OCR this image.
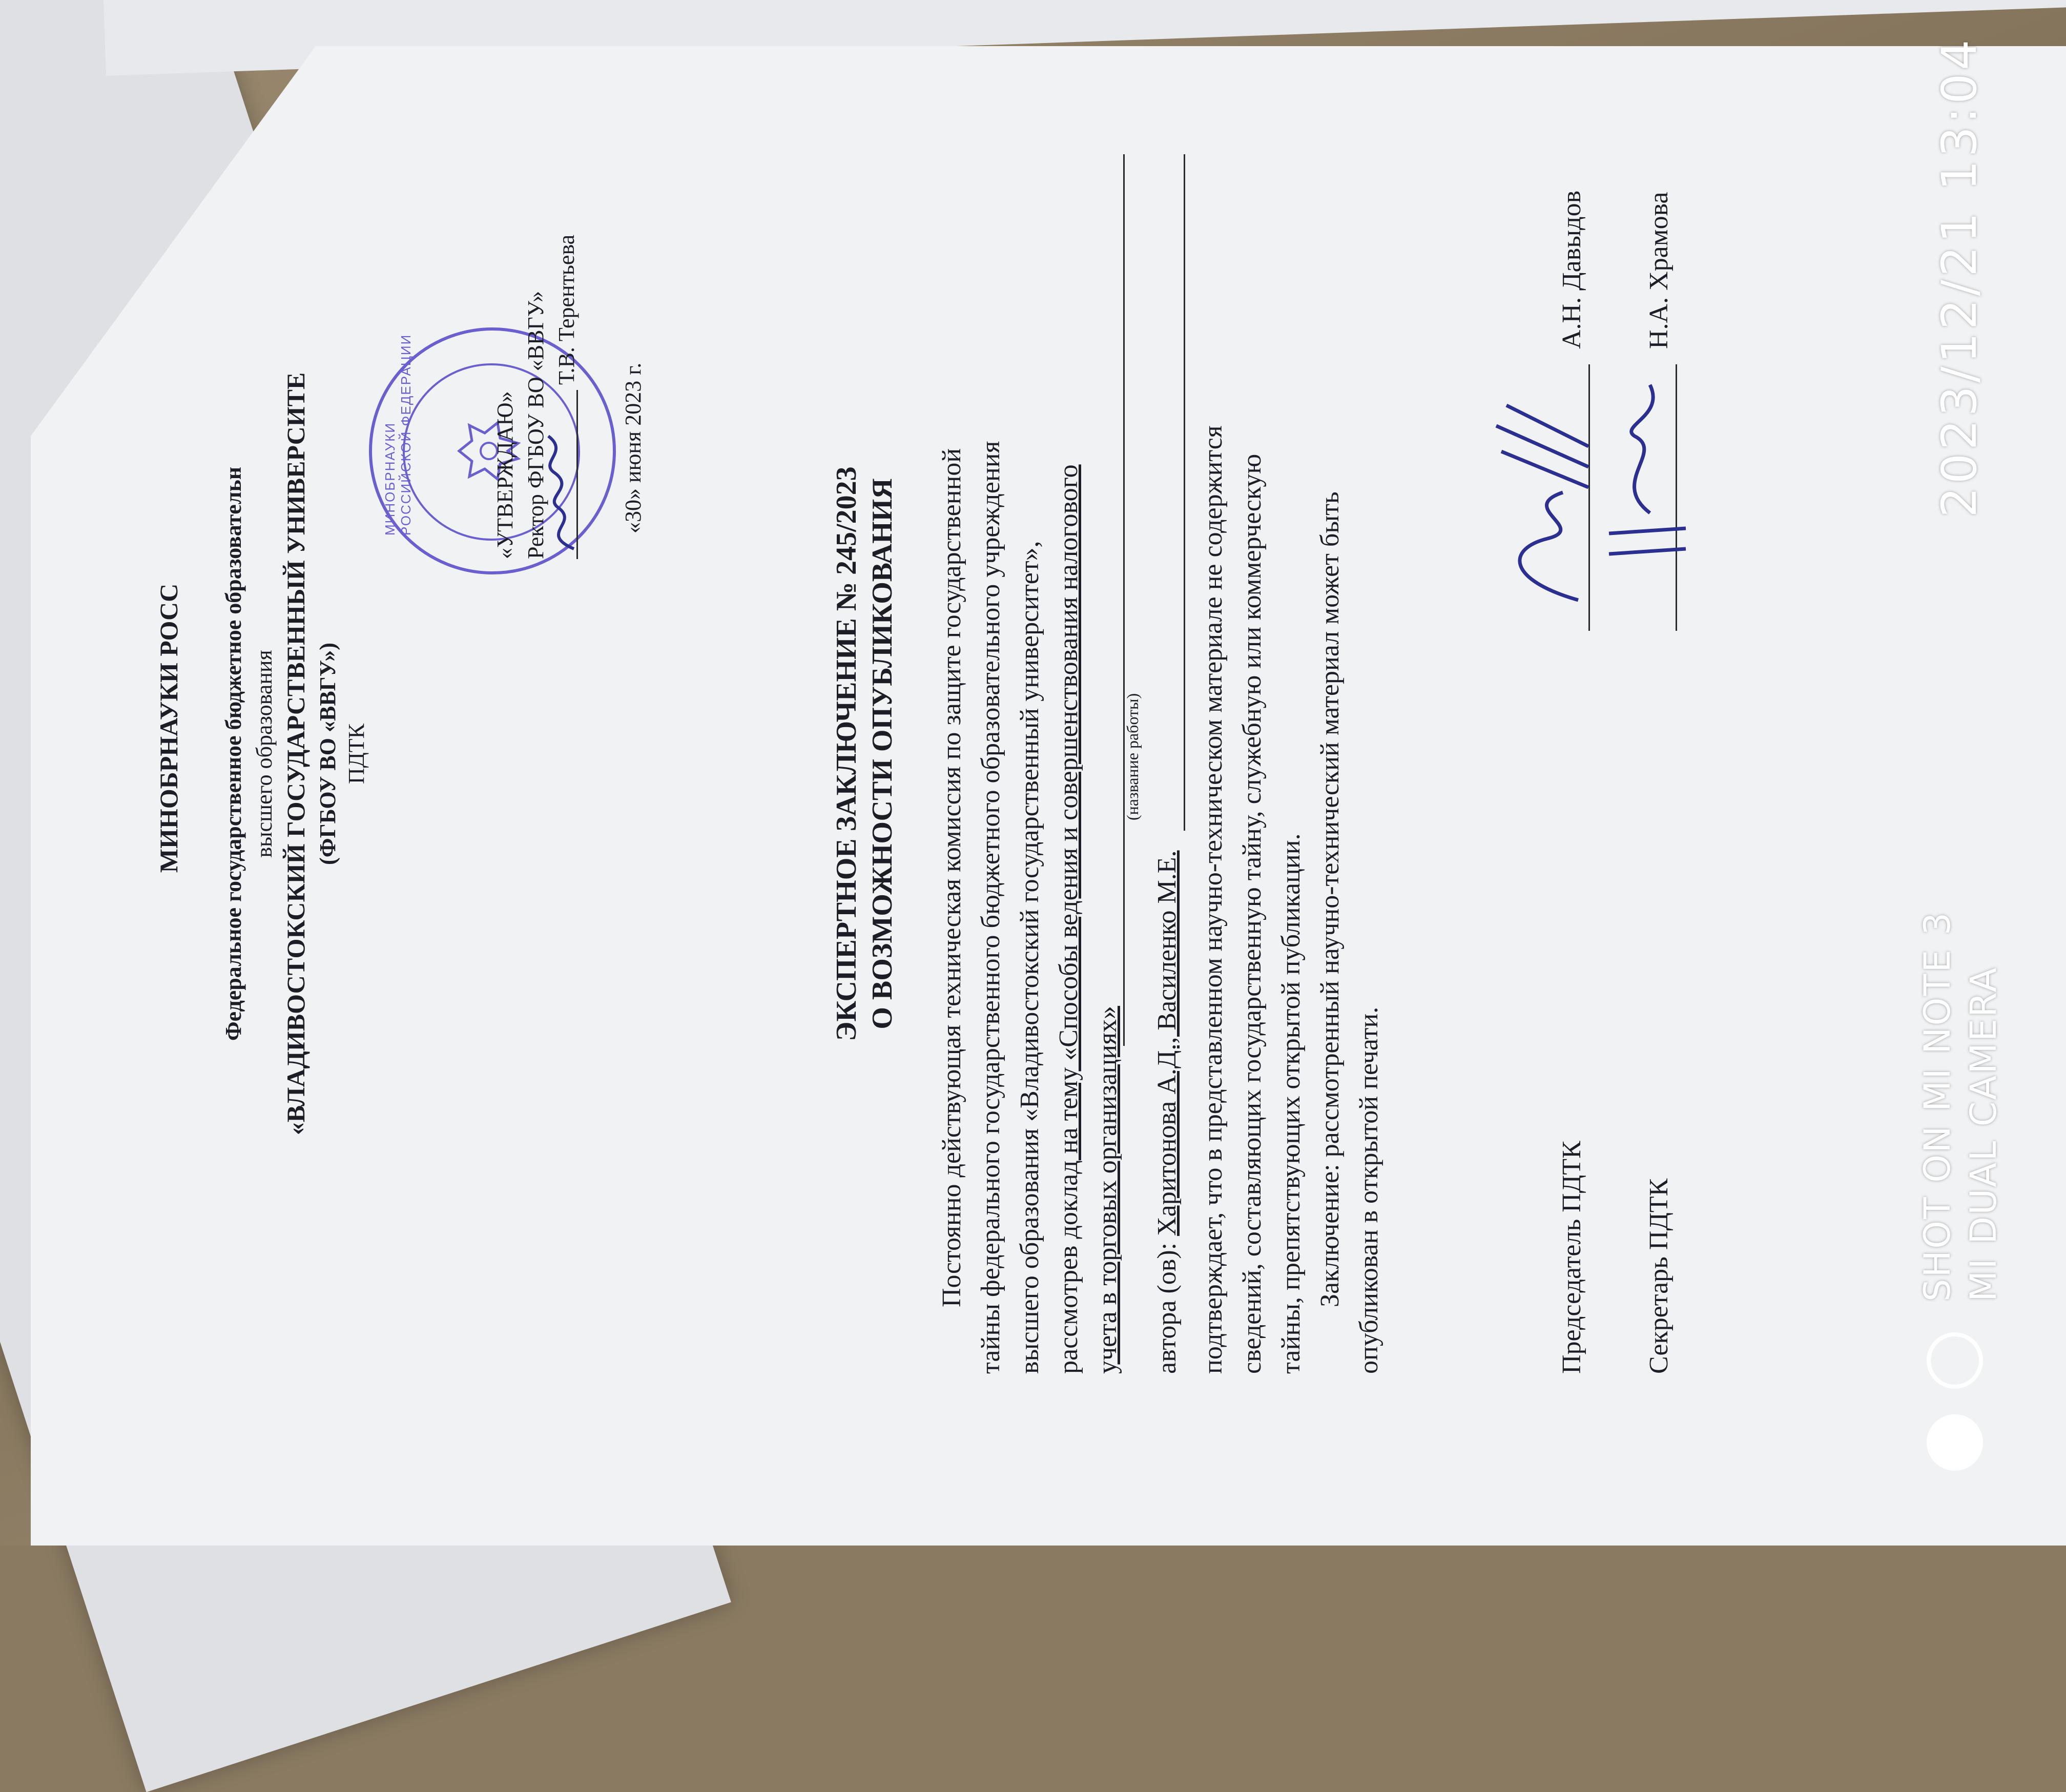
МИНОБРНАУКИ РОСС Федеральное государственное бюджетное образовательн высшего образования «ВЛАДИВОСТОКСКИЙ ГОСУДАРСТВЕННЫЙ УНИВЕРСИТЕ (ФГБОУ ВО «ВВГУ») ПДТК
МИНОБРНАУКИ РОССИЙСКОЙ ФЕДЕРАЦИИ	«УТВЕРЖДАЮ» Ректор ФГБОУ ВО «ВВГУ» Т.В. Терентьева
«30» июня 2023 г.
ЭКСПЕРТНОЕ ЗАКЛЮЧЕНИЕ № 245/2023 О ВОЗМОЖНОСТИ ОПУБЛИКОВАНИЯ Постоянно действующая техническая комиссия по защите государственной тайны федерального государственного бюджетного образовательного учреждения высшего образования «Владивостокский государственный университет», рассмотрев доклад на тему «Способы ведения и совершенствования налогового
учета в торговых организациях»
(название работы)
автора (ов): Харитонова А.Д., Василенко М.Е. подтверждает, что в представленном научно-техническом материале не содержится сведений, составляющих государственную тайну, служебную или коммерческую тайны, препятствующих открытой публикации. Заключение: рассмотренный научно-технический материал может быть опубликован в открытой печати.	Председатель ПДТК
А.Н. Давыдов
Секретарь ПДТК
Н.А. Храмова	2023/12/21 13:04
SHOT ON MI NOTE 3 MI DUAL CAMERA
